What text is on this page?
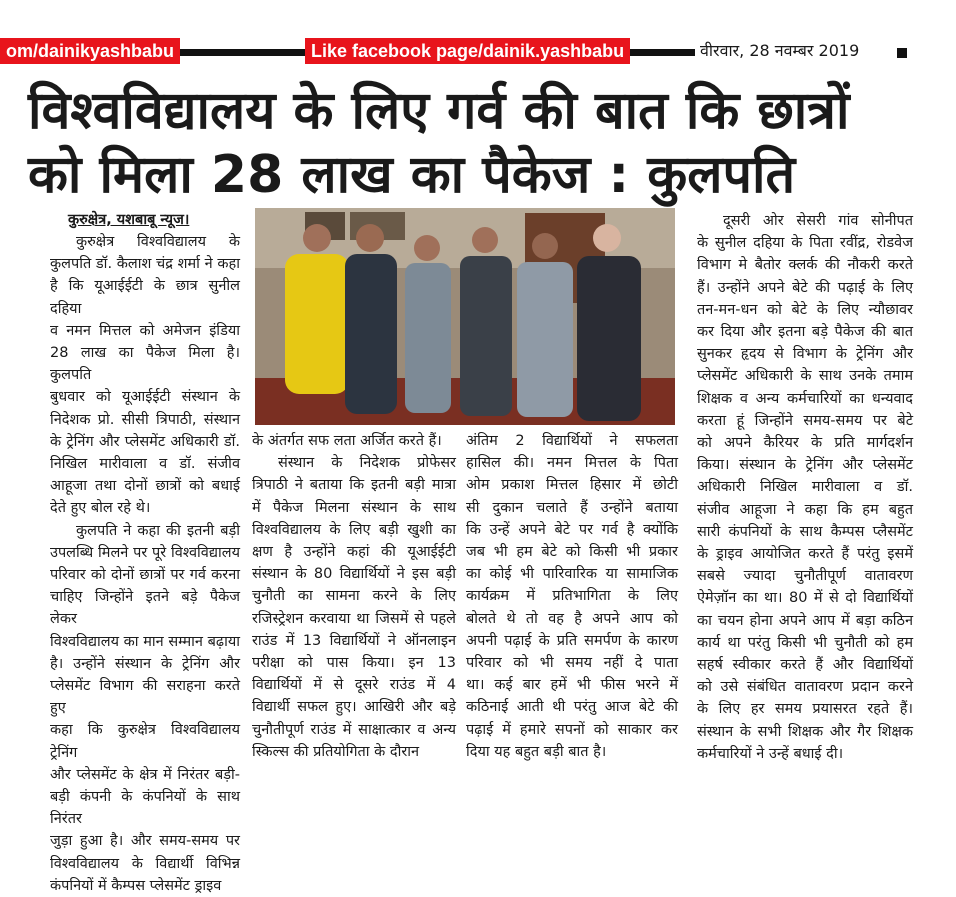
om/dainikyashbabu	Like facebook page/dainik.yashbabu	वीरवार, 28 नवम्बर 2019
विश्वविद्यालय के लिए गर्व की बात कि छात्रों
को मिला 28 लाख का पैकेज : कुलपति
कुरुक्षेत्र, यशबाबू न्यूज।
कुरुक्षेत्र विश्वविद्यालय के
कुलपति डॉ. कैलाश चंद्र शर्मा ने कहा
है कि यूआईईटी के छात्र सुनील दहिया
व नमन मित्तल को अमेजन इंडिया
28 लाख का पैकेज मिला है। कुलपति
बुधवार को यूआईईटी संस्थान के
निदेशक प्रो. सीसी त्रिपाठी, संस्थान
के ट्रेनिंग और प्लेसमेंट अधिकारी डॉ.
निखिल मारीवाला व डॉ. संजीव
आहूजा तथा दोनों छात्रों को बधाई
देते हुए बोल रहे थे।
कुलपति ने कहा की इतनी बड़ी
उपलब्धि मिलने पर पूरे विश्वविद्यालय
परिवार को दोनों छात्रों पर गर्व करना
चाहिए जिन्होंने इतने बड़े पैकेज लेकर
विश्वविद्यालय का मान सम्मान बढ़ाया
है। उन्होंने संस्थान के ट्रेनिंग और
प्लेसमेंट विभाग की सराहना करते हुए
कहा कि कुरुक्षेत्र विश्वविद्यालय ट्रेनिंग
और प्लेसमेंट के क्षेत्र में निरंतर बड़ी-
बड़ी कंपनी के कंपनियों के साथ निरंतर
जुड़ा हुआ है। और समय-समय पर
विश्वविद्यालय के विद्यार्थी विभिन्न
कंपनियों में कैम्पस प्लेसमेंट ड्राइव
के अंतर्गत सफ लता अर्जित करते हैं।
संस्थान के निदेशक प्रोफेसर
त्रिपाठी ने बताया कि इतनी बड़ी मात्रा
में पैकेज मिलना संस्थान के साथ
विश्वविद्यालय के लिए बड़ी खुशी का
क्षण है उन्होंने कहां की यूआईईटी
संस्थान के 80 विद्यार्थियों ने इस बड़ी
चुनौती का सामना करने के लिए
रजिस्ट्रेशन करवाया था जिसमें से पहले
राउंड में 13 विद्यार्थियों ने ऑनलाइन
परीक्षा को पास किया। इन 13
विद्यार्थियों में से दूसरे राउंड में 4
विद्यार्थी सफल हुए। आखिरी और बड़े
चुनौतीपूर्ण राउंड में साक्षात्कार व अन्य
स्किल्स की प्रतियोगिता के दौरान
अंतिम 2 विद्यार्थियों ने सफलता
हासिल की। नमन मित्तल के पिता
ओम प्रकाश मित्तल हिसार में छोटी
सी दुकान चलाते हैं उन्होंने बताया
कि उन्हें अपने बेटे पर गर्व है क्योंकि
जब भी हम बेटे को किसी भी प्रकार
का कोई भी पारिवारिक या सामाजिक
कार्यक्रम में प्रतिभागिता के लिए
बोलते थे तो वह है अपने आप को
अपनी पढ़ाई के प्रति समर्पण के कारण
परिवार को भी समय नहीं दे पाता
था। कई बार हमें भी फीस भरने में
कठिनाई आती थी परंतु आज बेटे की
पढ़ाई में हमारे सपनों को साकार कर
दिया यह बहुत बड़ी बात है।
दूसरी ओर सेसरी गांव सोनीपत
के सुनील दहिया के पिता रवींद्र, रोडवेज
विभाग मे बैतोर क्लर्क की नौकरी करते
हैं। उन्होंने अपने बेटे की पढ़ाई के लिए
तन-मन-धन को बेटे के लिए न्यौछावर
कर दिया और इतना बड़े पैकेज की बात
सुनकर हृदय से विभाग के ट्रेनिंग और
प्लेसमेंट अधिकारी के साथ उनके तमाम
शिक्षक व अन्य कर्मचारियों का धन्यवाद
करता हूं जिन्होंने समय-समय पर बेटे
को अपने कैरियर के प्रति मार्गदर्शन
किया। संस्थान के ट्रेनिंग और प्लेसमेंट
अधिकारी निखिल मारीवाला व डॉ.
संजीव आहूजा ने कहा कि हम बहुत
सारी कंपनियों के साथ कैम्पस प्लैसमेंट
के ड्राइव आयोजित करते हैं परंतु इसमें
सबसे ज्यादा चुनौतीपूर्ण वातावरण
ऐमेज़ॉन का था। 80 में से दो विद्यार्थियों
का चयन होना अपने आप में बड़ा कठिन
कार्य था परंतु किसी भी चुनौती को हम
सहर्ष स्वीकार करते हैं और विद्यार्थियों
को उसे संबंधित वातावरण प्रदान करने
के लिए हर समय प्रयासरत रहते हैं।
संस्थान के सभी शिक्षक और गैर शिक्षक
कर्मचारियों ने उन्हें बधाई दी।
